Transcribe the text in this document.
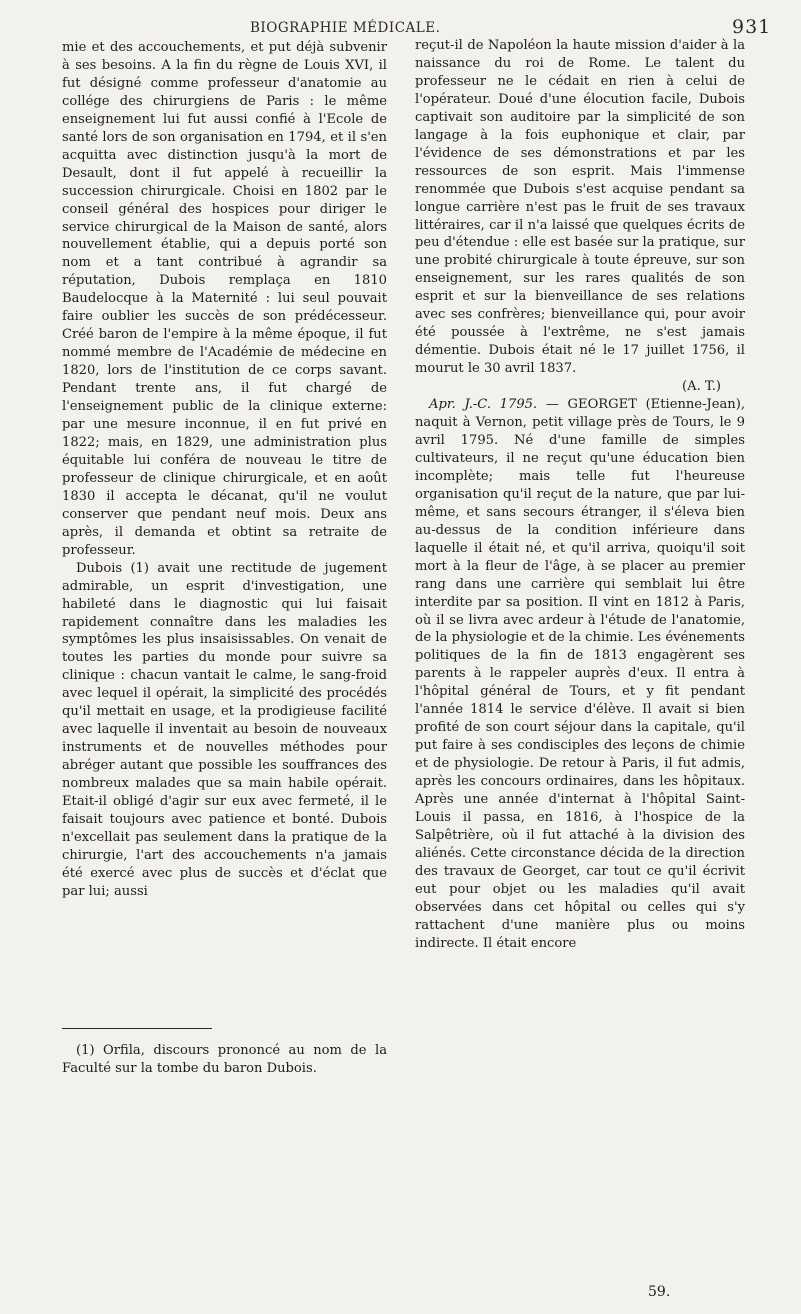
BIOGRAPHIE MÉDICALE.	931

mie et des accouchements, et put déjà subvenir à ses besoins. A la fin du règne de Louis XVI, il fut désigné comme professeur d'anatomie au collége des chirurgiens de Paris : le même enseignement lui fut aussi confié à l'Ecole de santé lors de son organisation en 1794, et il s'en acquitta avec distinction jusqu'à la mort de Desault, dont il fut appelé à recueillir la succession chirurgicale. Choisi en 1802 par le conseil général des hospices pour diriger le service chirurgical de la Maison de santé, alors nouvellement établie, qui a depuis porté son nom et a tant contribué à agrandir sa réputation, Dubois remplaça en 1810 Baudelocque à la Maternité : lui seul pouvait faire oublier les succès de son prédécesseur. Créé baron de l'empire à la même époque, il fut nommé membre de l'Académie de médecine en 1820, lors de l'institution de ce corps savant. Pendant trente ans, il fut chargé de l'enseignement public de la clinique externe: par une mesure inconnue, il en fut privé en 1822; mais, en 1829, une administration plus équitable lui conféra de nouveau le titre de professeur de clinique chirurgicale, et en août 1830 il accepta le décanat, qu'il ne voulut conserver que pendant neuf mois. Deux ans après, il demanda et obtint sa retraite de professeur.

Dubois (1) avait une rectitude de jugement admirable, un esprit d'investigation, une habileté dans le diagnostic qui lui faisait rapidement connaître dans les maladies les symptômes les plus insaisissables. On venait de toutes les parties du monde pour suivre sa clinique : chacun vantait le calme, le sang-froid avec lequel il opérait, la simplicité des procédés qu'il mettait en usage, et la prodigieuse facilité avec laquelle il inventait au besoin de nouveaux instruments et de nouvelles méthodes pour abréger autant que possible les souffrances des nombreux malades que sa main habile opérait. Etait-il obligé d'agir sur eux avec fermeté, il le faisait toujours avec patience et bonté. Dubois n'excellait pas seulement dans la pratique de la chirurgie, l'art des accouchements n'a jamais été exercé avec plus de succès et d'éclat que par lui; aussi

(1) Orfila, discours prononcé au nom de la Faculté sur la tombe du baron Dubois.

reçut-il de Napoléon la haute mission d'aider à la naissance du roi de Rome. Le talent du professeur ne le cédait en rien à celui de l'opérateur. Doué d'une élocution facile, Dubois captivait son auditoire par la simplicité de son langage à la fois euphonique et clair, par l'évidence de ses démonstrations et par les ressources de son esprit. Mais l'immense renommée que Dubois s'est acquise pendant sa longue carrière n'est pas le fruit de ses travaux littéraires, car il n'a laissé que quelques écrits de peu d'étendue : elle est basée sur la pratique, sur une probité chirurgicale à toute épreuve, sur son enseignement, sur les rares qualités de son esprit et sur la bienveillance de ses relations avec ses confrères; bienveillance qui, pour avoir été poussée à l'extrême, ne s'est jamais démentie. Dubois était né le 17 juillet 1756, il mourut le 30 avril 1837.

(A. T.)

Apr. J.-C. 1795. — GEORGET (Etienne-Jean), naquit à Vernon, petit village près de Tours, le 9 avril 1795. Né d'une famille de simples cultivateurs, il ne reçut qu'une éducation bien incomplète; mais telle fut l'heureuse organisation qu'il reçut de la nature, que par lui-même, et sans secours étranger, il s'éleva bien au-dessus de la condition inférieure dans laquelle il était né, et qu'il arriva, quoiqu'il soit mort à la fleur de l'âge, à se placer au premier rang dans une carrière qui semblait lui être interdite par sa position. Il vint en 1812 à Paris, où il se livra avec ardeur à l'étude de l'anatomie, de la physiologie et de la chimie. Les événements politiques de la fin de 1813 engagèrent ses parents à le rappeler auprès d'eux. Il entra à l'hôpital général de Tours, et y fit pendant l'année 1814 le service d'élève. Il avait si bien profité de son court séjour dans la capitale, qu'il put faire à ses condisciples des leçons de chimie et de physiologie. De retour à Paris, il fut admis, après les concours ordinaires, dans les hôpitaux. Après une année d'internat à l'hôpital Saint-Louis il passa, en 1816, à l'hospice de la Salpêtrière, où il fut attaché à la division des aliénés. Cette circonstance décida de la direction des travaux de Georget, car tout ce qu'il écrivit eut pour objet ou les maladies qu'il avait observées dans cet hôpital ou celles qui s'y rattachent d'une manière plus ou moins indirecte. Il était encore

59.
